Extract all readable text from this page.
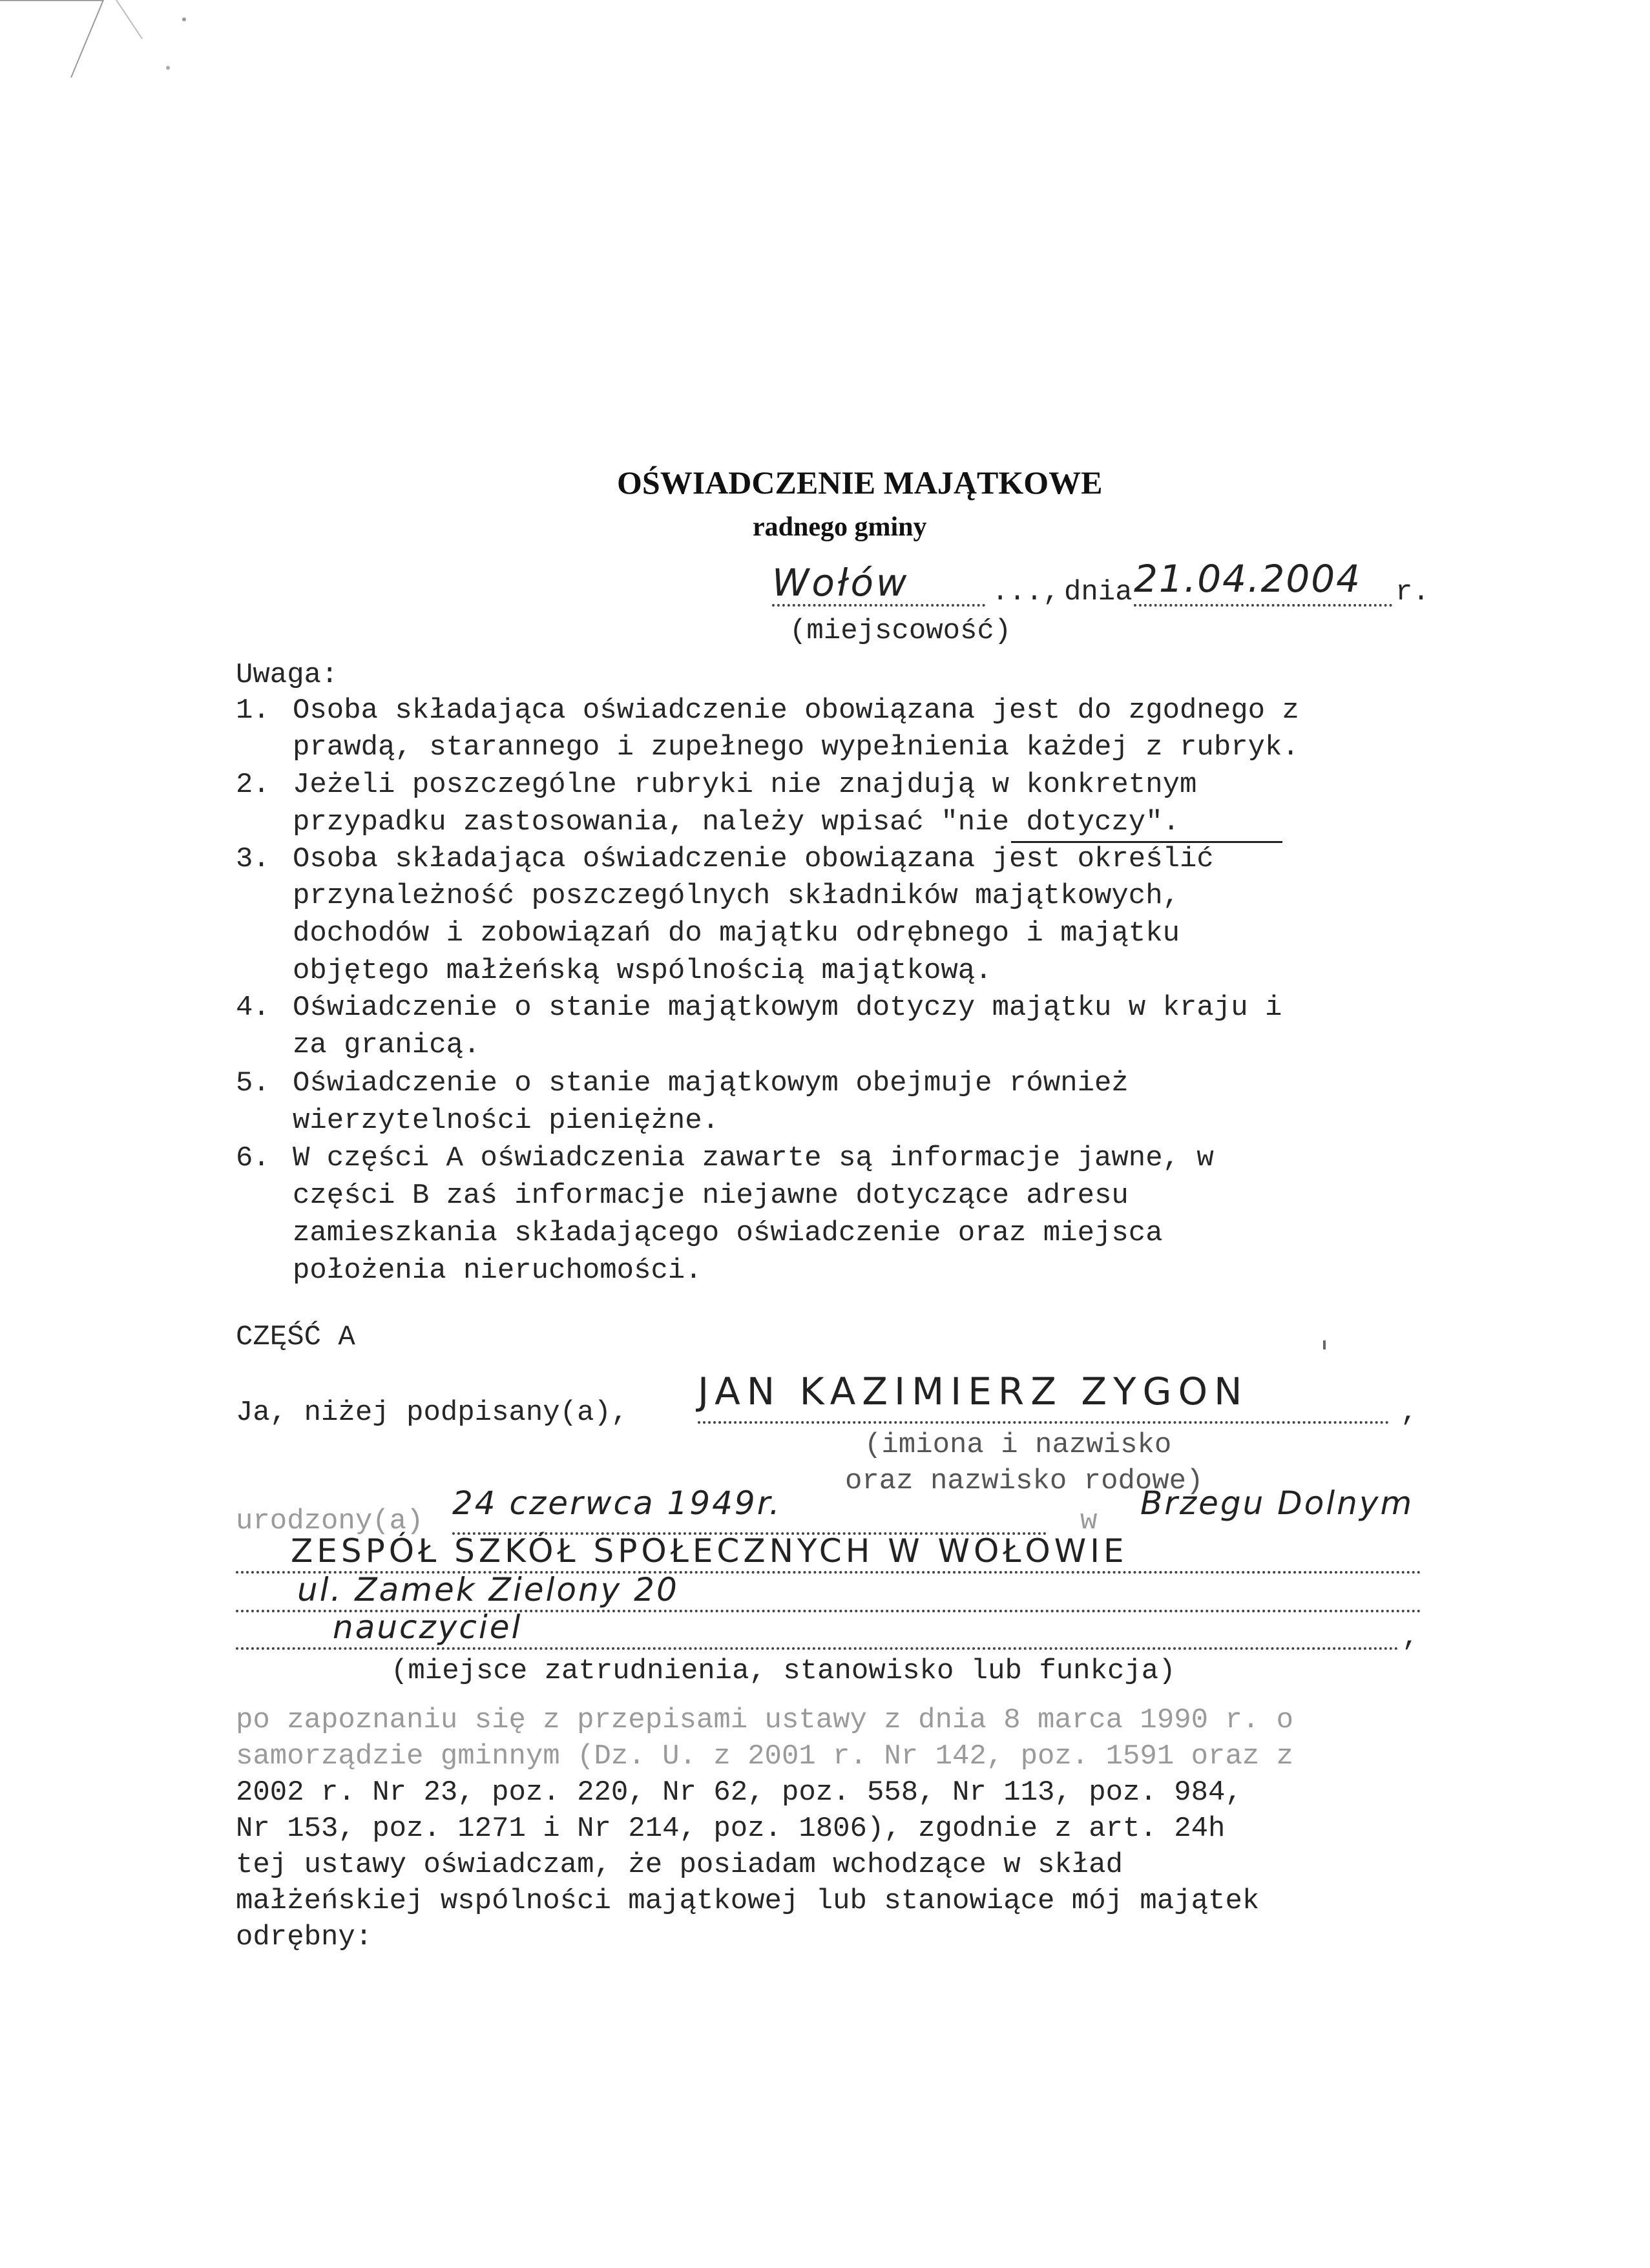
OŚWIADCZENIE MAJĄTKOWE
radnego gminy
Wołów	...,
dnia 21.04.2004 r.
(miejscowość)
Uwaga:
1. Osoba składająca oświadczenie obowiązana jest do zgodnego z
prawdą, starannego i zupełnego wypełnienia każdej z rubryk.
2. Jeżeli poszczególne rubryki nie znajdują w konkretnym
przypadku zastosowania, należy wpisać "nie dotyczy".
3. Osoba składająca oświadczenie obowiązana jest określić
przynależność poszczególnych składników majątkowych,
dochodów i zobowiązań do majątku odrębnego i majątku
objętego małżeńską wspólnością majątkową.
4. Oświadczenie o stanie majątkowym dotyczy majątku w kraju i
za granicą.
5. Oświadczenie o stanie majątkowym obejmuje również
wierzytelności pieniężne.
6. W części A oświadczenia zawarte są informacje jawne, w
części B zaś informacje niejawne dotyczące adresu
zamieszkania składającego oświadczenie oraz miejsca
położenia nieruchomości.
CZĘŚĆ A
Ja, niżej podpisany(a), JAN KAZIMIERZ ZYGON	,
(imiona i nazwisko
oraz nazwisko rodowe)
urodzony(a) 24 czerwca 1949r.	w Brzegu Dolnym
ZESPÓŁ SZKÓŁ SPOŁECZNYCH W WOŁOWIE
ul. Zamek Zielony 20
nauczyciel	,
(miejsce zatrudnienia, stanowisko lub funkcja)
po zapoznaniu się z przepisami ustawy z dnia 8 marca 1990 r. o
samorządzie gminnym (Dz. U. z 2001 r. Nr 142, poz. 1591 oraz z
2002 r. Nr 23, poz. 220, Nr 62, poz. 558, Nr 113, poz. 984,
Nr 153, poz. 1271 i Nr 214, poz. 1806), zgodnie z art. 24h
tej ustawy oświadczam, że posiadam wchodzące w skład
małżeńskiej wspólności majątkowej lub stanowiące mój majątek
odrębny:
